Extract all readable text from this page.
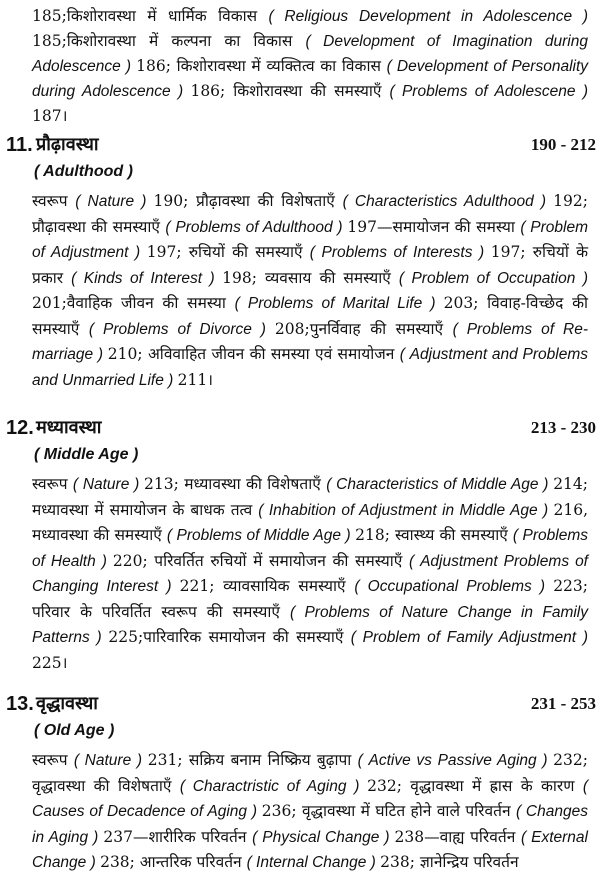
185;किशोरावस्था में धार्मिक विकास ( Religious Development in Adolescence ) 185;किशोरावस्था में कल्पना का विकास ( Development of Imagination during Adolescence ) 186; किशोरावस्था में व्यक्तित्व का विकास ( Development of Personality during Adolescence ) 186; किशोरावस्था की समस्याएँ ( Problems of Adolescene ) 187।
11. प्रौढ़ावस्था	190 - 212
( Adulthood )
स्वरूप ( Nature ) 190; प्रौढ़ावस्था की विशेषताएँ ( Characteristics Adulthood ) 192; प्रौढ़ावस्था की समस्याएँ ( Problems of Adulthood ) 197—समायोजन की समस्या ( Problem of Adjustment ) 197; रुचियों की समस्याएँ ( Problems of Interests ) 197; रुचियों के प्रकार ( Kinds of Interest ) 198; व्यवसाय की समस्याएँ ( Problem of Occupation ) 201;वैवाहिक जीवन की समस्या ( Problems of Marital Life ) 203; विवाह-विच्छेद की समस्याएँ ( Problems of Divorce ) 208;पुनर्विवाह की समस्याएँ ( Problems of Re-marriage ) 210; अविवाहित जीवन की समस्या एवं समायोजन ( Adjustment and Problems and Unmarried Life ) 211।
12. मध्यावस्था	213 - 230
( Middle Age )
स्वरूप ( Nature ) 213; मध्यावस्था की विशेषताएँ ( Characteristics of Middle Age ) 214; मध्यावस्था में समायोजन के बाधक तत्व ( Inhabition of Adjustment in Middle Age ) 216, मध्यावस्था की समस्याएँ ( Problems of Middle Age ) 218; स्वास्थ्य की समस्याएँ ( Problems of Health ) 220; परिवर्तित रुचियों में समायोजन की समस्याएँ ( Adjustment Problems of Changing Interest ) 221; व्यावसायिक समस्याएँ ( Occupational Problems ) 223; परिवार के परिवर्तित स्वरूप की समस्याएँ ( Problems of Nature Change in Family Patterns ) 225;पारिवारिक समायोजन की समस्याएँ ( Problem of Family Adjustment ) 225।
13. वृद्धावस्था	231 - 253
( Old Age )
स्वरूप ( Nature ) 231; सक्रिय बनाम निष्क्रिय बुढ़ापा ( Active vs Passive Aging ) 232; वृद्धावस्था की विशेषताएँ ( Charactristic of Aging ) 232; वृद्धावस्था में ह्रास के कारण ( Causes of Decadence of Aging ) 236; वृद्धावस्था में घटित होने वाले परिवर्तन ( Changes in Aging ) 237—शारीरिक परिवर्तन ( Physical Change ) 238—वाह्य परिवर्तन ( External Change ) 238; आन्तरिक परिवर्तन ( Internal Change ) 238; ज्ञानेन्द्रिय परिवर्तन
